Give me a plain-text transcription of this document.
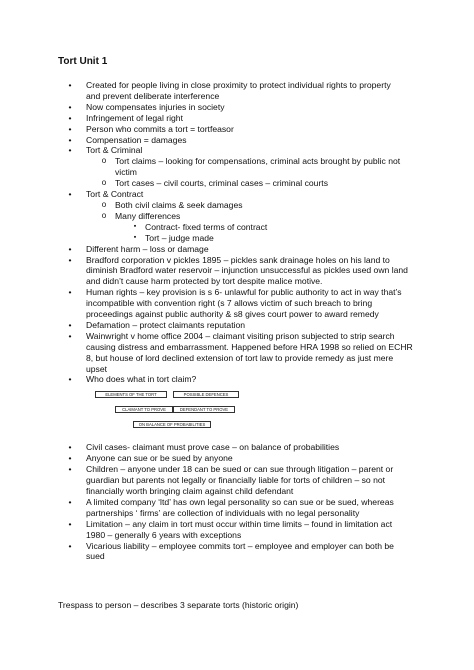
Tort Unit 1
•	Created for people living in close proximity to protect individual rights to property
and prevent deliberate interference
•	Now compensates injuries in society
•	Infringement of legal right
•	Person who commits a tort = tortfeasor
•	Compensation = damages
•	Tort & Criminal
o	Tort claims – looking for compensations, criminal acts brought by public not
victim
o	Tort cases – civil courts, criminal cases – criminal courts
•	Tort & Contract
o	Both civil claims & seek damages
o	Many differences
▪	Contract- fixed terms of contract
▪	Tort – judge made
•	Different harm – loss or damage
•	Bradford corporation v pickles 1895 – pickles sank drainage holes on his land to
diminish Bradford water reservoir – injunction unsuccessful as pickles used own land
and didn’t cause harm protected by tort despite malice motive.
•	Human rights – key provision is s 6- unlawful for public authority to act in way that’s
incompatible with convention right (s 7 allows victim of such breach to bring
proceedings against public authority & s8 gives court power to award remedy
•	Defamation – protect claimants reputation
•	Wainwright v home office 2004 – claimant visiting prison subjected to strip search
causing distress and embarrassment. Happened before HRA 1998 so relied on ECHR
8, but house of lord declined extension of tort law to provide remedy as just mere
upset
•	Who does what in tort claim?
ELEMENTS OF THE TORT	POSSIBLE DEFENCES
CLAIMANT TO PROVE	DEFENDANT TO PROVE
ON BALANCE OF PROBABILITIES
•	Civil cases- claimant must prove case – on balance of probabilities
•	Anyone can sue or be sued by anyone
•	Children – anyone under 18 can be sued or can sue through litigation – parent or
guardian but parents not legally or financially liable for torts of children – so not
financially worth bringing claim against child defendant
•	A limited company ‘ltd’ has own legal personality so can sue or be sued, whereas
partnerships ‘ firms’ are collection of individuals with no legal personality
•	Limitation – any claim in tort must occur within time limits – found in limitation act
1980 – generally 6 years with exceptions
•	Vicarious liability – employee commits tort – employee and employer can both be
sued
Trespass to person – describes 3 separate torts (historic origin)
